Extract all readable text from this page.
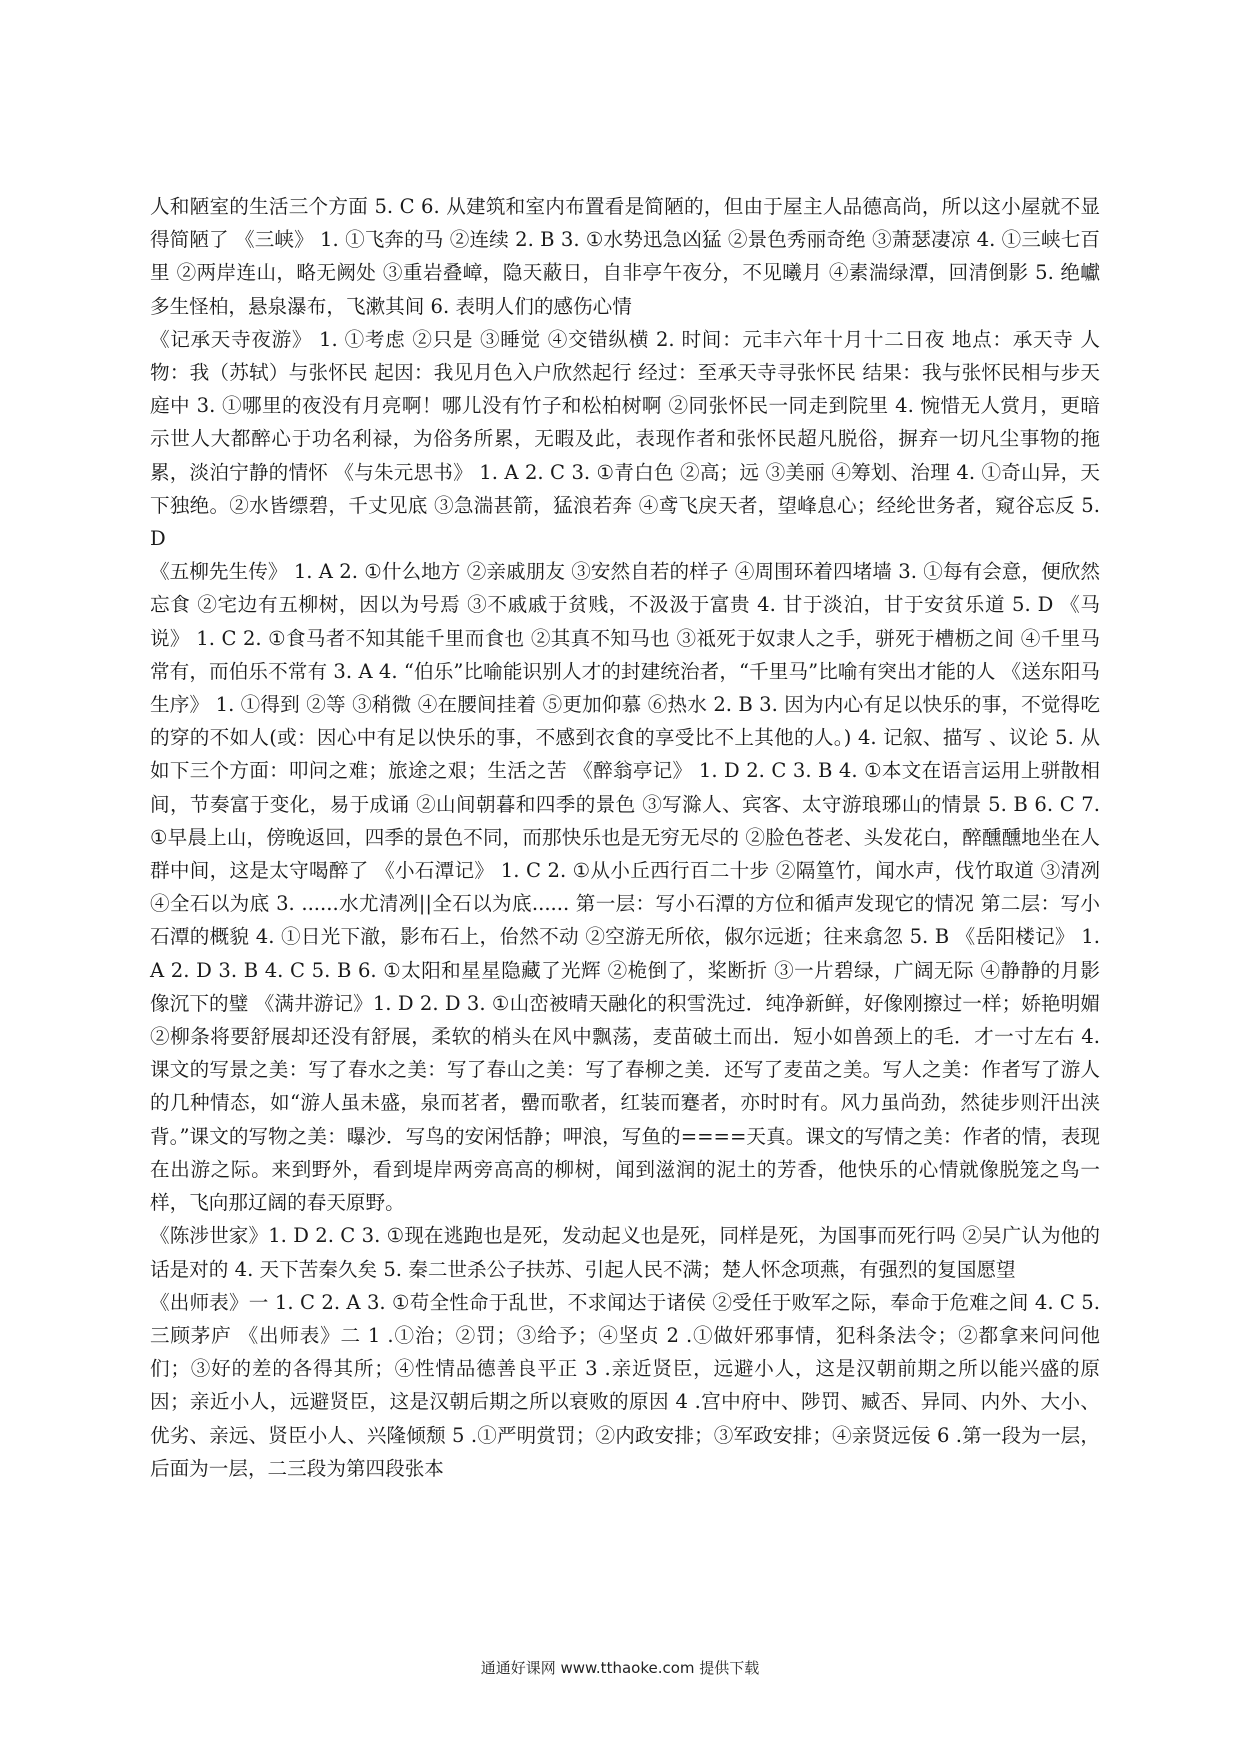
人和陋室的生活三个方面 5. C 6. 从建筑和室内布置看是简陋的，但由于屋主人品德高尚，所以这小屋就不显得简陋了 《三峡》 1. ①飞奔的马 ②连续 2. B 3. ①水势迅急凶猛 ②景色秀丽奇绝 ③萧瑟凄凉 4. ①三峡七百里 ②两岸连山，略无阙处 ③重岩叠嶂，隐天蔽日，自非亭午夜分，不见曦月 ④素湍绿潭，回清倒影 5. 绝巘多生怪柏，悬泉瀑布，飞漱其间 6. 表明人们的感伤心情

《记承天寺夜游》 1. ①考虑 ②只是 ③睡觉 ④交错纵横 2. 时间：元丰六年十月十二日夜 地点：承天寺 人物：我（苏轼）与张怀民 起因：我见月色入户欣然起行 经过：至承天寺寻张怀民 结果：我与张怀民相与步天庭中 3. ①哪里的夜没有月亮啊！哪儿没有竹子和松柏树啊 ②同张怀民一同走到院里 4. 惋惜无人赏月，更暗示世人大都醉心于功名利禄，为俗务所累，无暇及此，表现作者和张怀民超凡脱俗，摒弃一切凡尘事物的拖累，淡泊宁静的情怀 《与朱元思书》 1. A 2. C 3. ①青白色 ②高；远 ③美丽 ④筹划、治理 4. ①奇山异，天下独绝。②水皆缥碧，千丈见底 ③急湍甚箭，猛浪若奔 ④鸢飞戾天者，望峰息心；经纶世务者，窥谷忘反 5. D

《五柳先生传》 1. A 2. ①什么地方 ②亲戚朋友 ③安然自若的样子 ④周围环着四堵墙 3. ①每有会意，便欣然忘食 ②宅边有五柳树，因以为号焉 ③不戚戚于贫贱，不汲汲于富贵 4. 甘于淡泊，甘于安贫乐道 5. D 《马说》 1. C 2. ①食马者不知其能千里而食也 ②其真不知马也 ③祗死于奴隶人之手，骈死于槽枥之间 ④千里马常有，而伯乐不常有 3. A 4. “伯乐”比喻能识别人才的封建统治者，“千里马”比喻有突出才能的人 《送东阳马生序》 1. ①得到 ②等 ③稍微 ④在腰间挂着 ⑤更加仰慕 ⑥热水 2. B 3. 因为内心有足以快乐的事，不觉得吃的穿的不如人(或：因心中有足以快乐的事，不感到衣食的享受比不上其他的人。) 4. 记叙、描写 、议论 5. 从如下三个方面：叩问之难；旅途之艰；生活之苦 《醉翁亭记》 1. D 2. C 3. B 4. ①本文在语言运用上骈散相间，节奏富于变化，易于成诵 ②山间朝暮和四季的景色 ③写滁人、宾客、太守游琅琊山的情景 5. B 6. C 7. ①早晨上山，傍晚返回，四季的景色不同，而那快乐也是无穷无尽的 ②脸色苍老、头发花白，醉醺醺地坐在人群中间，这是太守喝醉了 《小石潭记》 1. C 2. ①从小丘西行百二十步 ②隔篁竹，闻水声，伐竹取道 ③清冽 ④全石以为底 3. ......水尤清冽||全石以为底...... 第一层：写小石潭的方位和循声发现它的情况 第二层：写小石潭的概貌 4. ①日光下澈，影布石上，佁然不动 ②空游无所依，俶尔远逝；往来翕忽 5. B 《岳阳楼记》 1. A 2. D 3. B 4. C 5. B 6. ①太阳和星星隐藏了光辉 ②桅倒了，桨断折 ③一片碧绿，广阔无际 ④静静的月影像沉下的璧 《满井游记》1. D 2. D 3. ①山峦被晴天融化的积雪洗过．纯净新鲜，好像刚擦过一样；娇艳明媚 ②柳条将要舒展却还没有舒展，柔软的梢头在风中飘荡，麦苗破土而出．短小如兽颈上的毛．才一寸左右 4. 课文的写景之美：写了春水之美：写了春山之美：写了春柳之美．还写了麦苗之美。写人之美：作者写了游人的几种情态，如“游人虽未盛，泉而茗者，罍而歌者，红装而蹇者，亦时时有。风力虽尚劲，然徒步则汗出浃背。”课文的写物之美：曝沙．写鸟的安闲恬静；呷浪，写鱼的====天真。课文的写情之美：作者的情，表现在出游之际。来到野外，看到堤岸两旁高高的柳树，闻到滋润的泥土的芳香，他快乐的心情就像脱笼之鸟一样，飞向那辽阔的春天原野。

《陈涉世家》1. D 2. C 3. ①现在逃跑也是死，发动起义也是死，同样是死，为国事而死行吗 ②吴广认为他的话是对的 4. 天下苦秦久矣 5. 秦二世杀公子扶苏、引起人民不满；楚人怀念项燕，有强烈的复国愿望

《出师表》一 1. C 2. A 3. ①苟全性命于乱世，不求闻达于诸侯 ②受任于败军之际，奉命于危难之间 4. C 5. 三顾茅庐 《出师表》二 1 .①治；②罚；③给予；④坚贞 2 .①做奸邪事情，犯科条法令；②都拿来问问他们；③好的差的各得其所；④性情品德善良平正 3 .亲近贤臣，远避小人，这是汉朝前期之所以能兴盛的原因；亲近小人，远避贤臣，这是汉朝后期之所以衰败的原因 4 .宫中府中、陟罚、臧否、异同、内外、大小、优劣、亲远、贤臣小人、兴隆倾颓 5 .①严明赏罚；②内政安排；③军政安排；④亲贤远佞 6 .第一段为一层，后面为一层，二三段为第四段张本

通通好课网 www.tthaoke.com 提供下载
